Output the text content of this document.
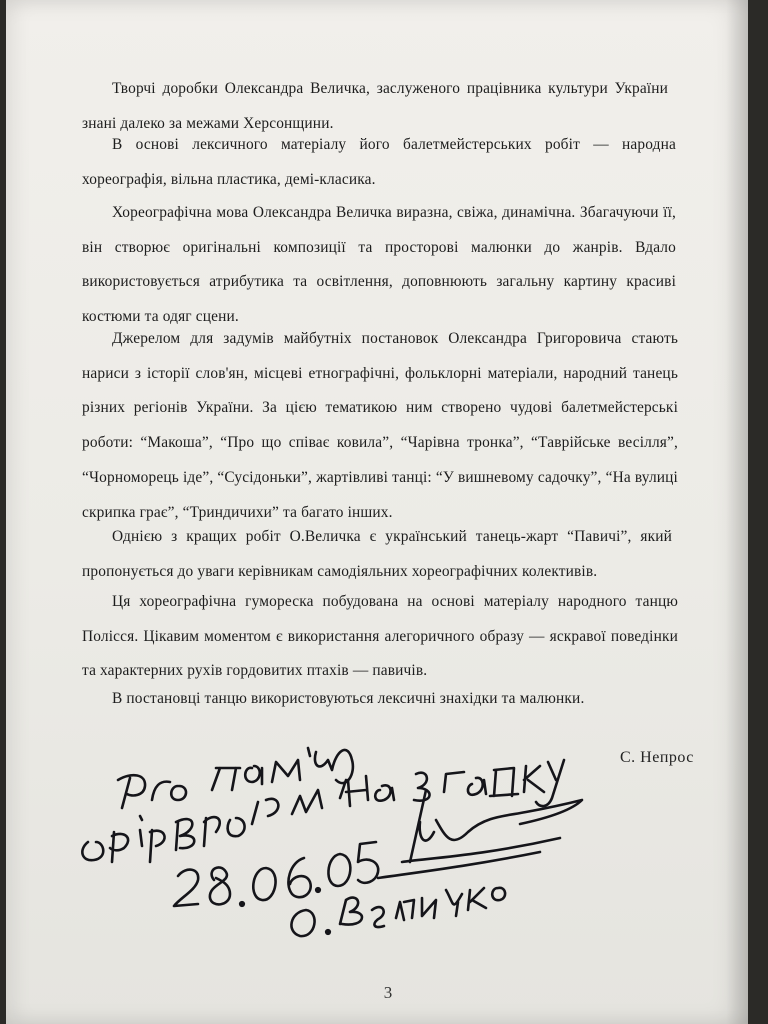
Творчі доробки Олександра Величка, заслуженого працівника культури України знані далеко за межами Херсонщини.

В основі лексичного матеріалу його балетмейстерських робіт — народна хореографія, вільна пластика, демі-класика.

Хореографічна мова Олександра Величка виразна, свіжа, динамічна. Збагачуючи її, він створює оригінальні композиції та просторові малюнки до жанрів. Вдало використовується атрибутика та освітлення, доповнюють загальну картину красиві костюми та одяг сцени.

Джерелом для задумів майбутніх постановок Олександра Григоровича стають нариси з історії слов'ян, місцеві етнографічні, фольклорні матеріали, народний танець різних регіонів України. За цією тематикою ним створено чудові балетмейстерські роботи: “Макоша”, “Про що співає ковила”, “Чарівна тронка”, “Таврійське весілля”, “Чорноморець іде”, “Сусідоньки”, жартівливі танці: “У вишневому садочку”, “На вулиці скрипка грає”, “Триндичихи” та багато інших.

Однією з кращих робіт О.Величка є український танець-жарт “Павичі”, який пропонується до уваги керівникам самодіяльних хореографічних колективів.

Ця хореографічна гумореска побудована на основі матеріалу народного танцю Полісся. Цікавим моментом є використання алегоричного образу — яскравої поведінки та характерних рухів гордовитих птахів — павичів.

В постановці танцю використовуються лексичні знахідки та малюнки.

С. Непрос
3
